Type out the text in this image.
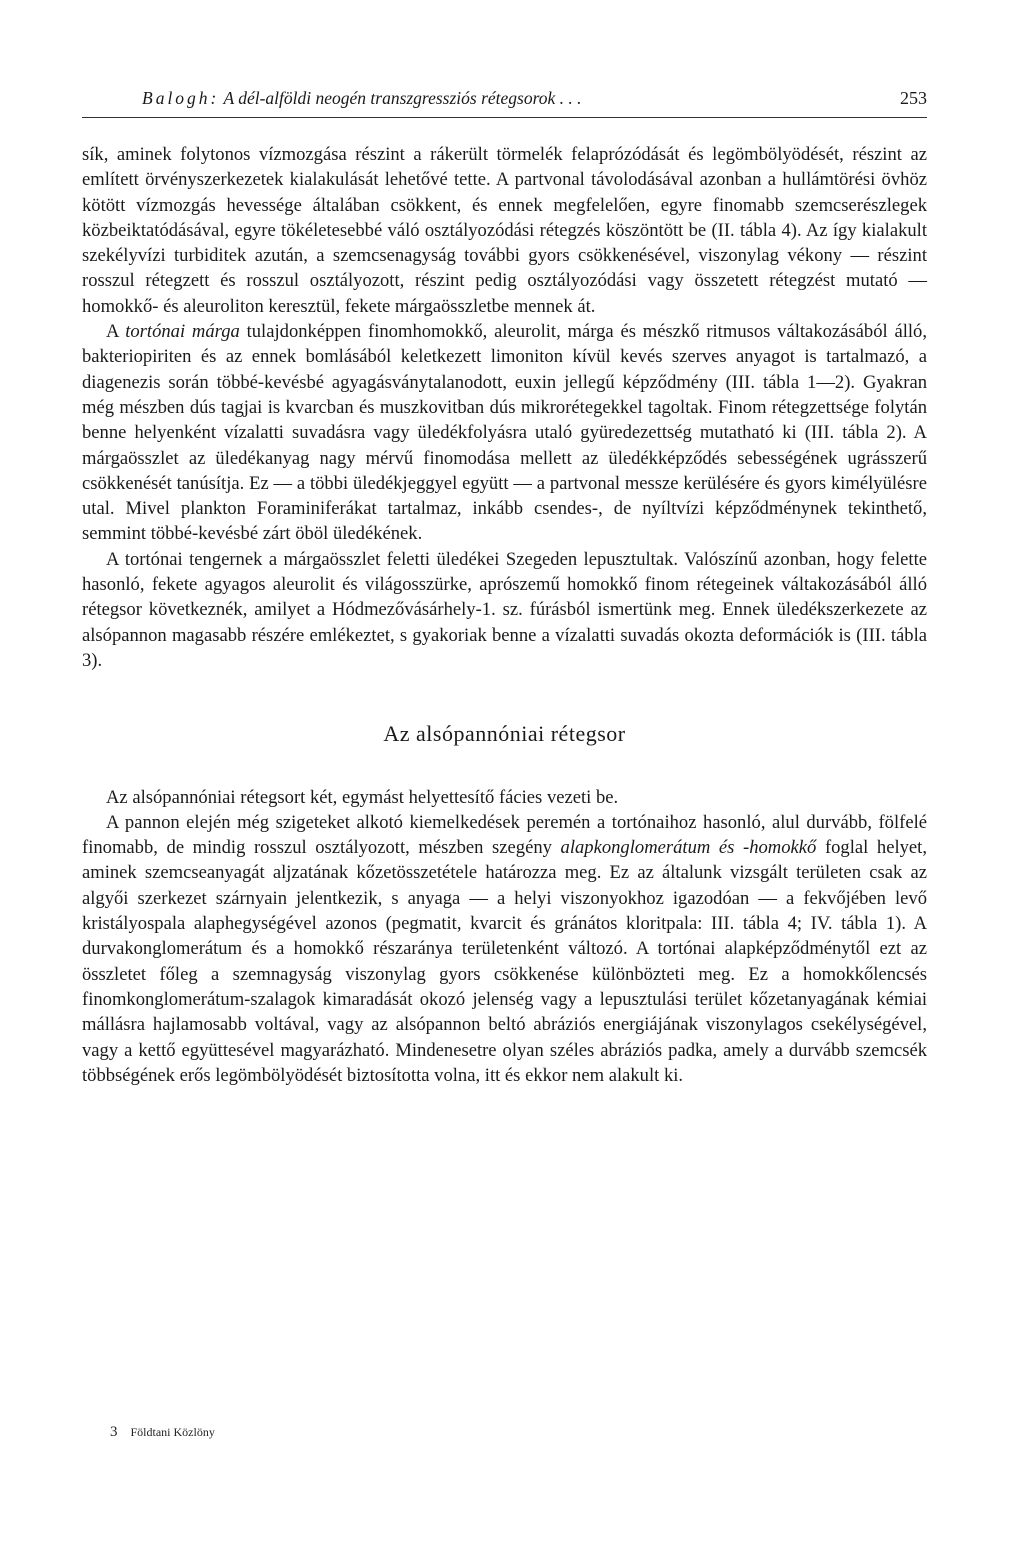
Balogh: A dél-alföldi neogén transzgressziós rétegsorok . . .	253

sík, aminek folytonos vízmozgása részint a rákerült törmelék felaprózódását és legömbölyödését, részint az említett örvényszerkezetek kialakulását lehetővé tette. A partvonal távolodásával azonban a hullámtörési övhöz kötött vízmozgás hevessége általában csökkent, és ennek megfelelően, egyre finomabb szemcserészlegek közbeiktatódásával, egyre tökéletesebbé váló osztályozódási rétegzés köszöntött be (II. tábla 4). Az így kialakult szekélyvízi turbiditek azután, a szemcsenagyság további gyors csökkenésével, viszonylag vékony — részint rosszul rétegzett és rosszul osztályozott, részint pedig osztályozódási vagy összetett rétegzést mutató — homokkő- és aleuroliton keresztül, fekete márgaösszletbe mennek át.

A tortónai márga tulajdonképpen finomhomokkő, aleurolit, márga és mészkő ritmusos váltakozásából álló, bakteriopiriten és az ennek bomlásából keletkezett limoniton kívül kevés szerves anyagot is tartalmazó, a diagenezis során többé-kevésbé agyagásványtalanodott, euxin jellegű képződmény (III. tábla 1—2). Gyakran még mészben dús tagjai is kvarcban és muszkovitban dús mikrorétegekkel tagoltak. Finom rétegzettsége folytán benne helyenként vízalatti suvadásra vagy üledékfolyásra utaló gyüredezettség mutatható ki (III. tábla 2). A márgaösszlet az üledékanyag nagy mérvű finomodása mellett az üledékképződés sebességének ugrásszerű csökkenését tanúsítja. Ez — a többi üledékjeggyel együtt — a partvonal messze kerülésére és gyors kimélyülésre utal. Mivel plankton Foraminiferákat tartalmaz, inkább csendes-, de nyíltvízi képződménynek tekinthető, semmint többé-kevésbé zárt öböl üledékének.

A tortónai tengernek a márgaösszlet feletti üledékei Szegeden lepusztultak. Valószínű azonban, hogy felette hasonló, fekete agyagos aleurolit és világosszürke, aprószemű homokkő finom rétegeinek váltakozásából álló rétegsor következnék, amilyet a Hódmezővásárhely-1. sz. fúrásból ismertünk meg. Ennek üledékszerkezete az alsópannon magasabb részére emlékeztet, s gyakoriak benne a vízalatti suvadás okozta deformációk is (III. tábla 3).

Az alsópannóniai rétegsor

Az alsópannóniai rétegsort két, egymást helyettesítő fácies vezeti be.

A pannon elején még szigeteket alkotó kiemelkedések peremén a tortónaihoz hasonló, alul durvább, fölfelé finomabb, de mindig rosszul osztályozott, mészben szegény alapkonglomerátum és -homokkő foglal helyet, aminek szemcseanyagát aljzatának kőzetösszetétele határozza meg. Ez az általunk vizsgált területen csak az algyői szerkezet szárnyain jelentkezik, s anyaga — a helyi viszonyokhoz igazodóan — a fekvőjében levő kristályospala alaphegységével azonos (pegmatit, kvarcit és gránátos kloritpala: III. tábla 4; IV. tábla 1). A durvakonglomerátum és a homokkő részaránya területenként változó. A tortónai alapképződménytől ezt az összletet főleg a szemnagyság viszonylag gyors csökkenése különbözteti meg. Ez a homokkőlencsés finomkonglomerátum-szalagok kimaradását okozó jelenség vagy a lepusztulási terület kőzetanyagának kémiai mállásra hajlamosabb voltával, vagy az alsópannon beltó abráziós energiájának viszonylagos csekélységével, vagy a kettő együttesével magyarázható. Mindenesetre olyan széles abráziós padka, amely a durvább szemcsék többségének erős legömbölyödését biztosította volna, itt és ekkor nem alakult ki.

3 Földtani Közlöny
